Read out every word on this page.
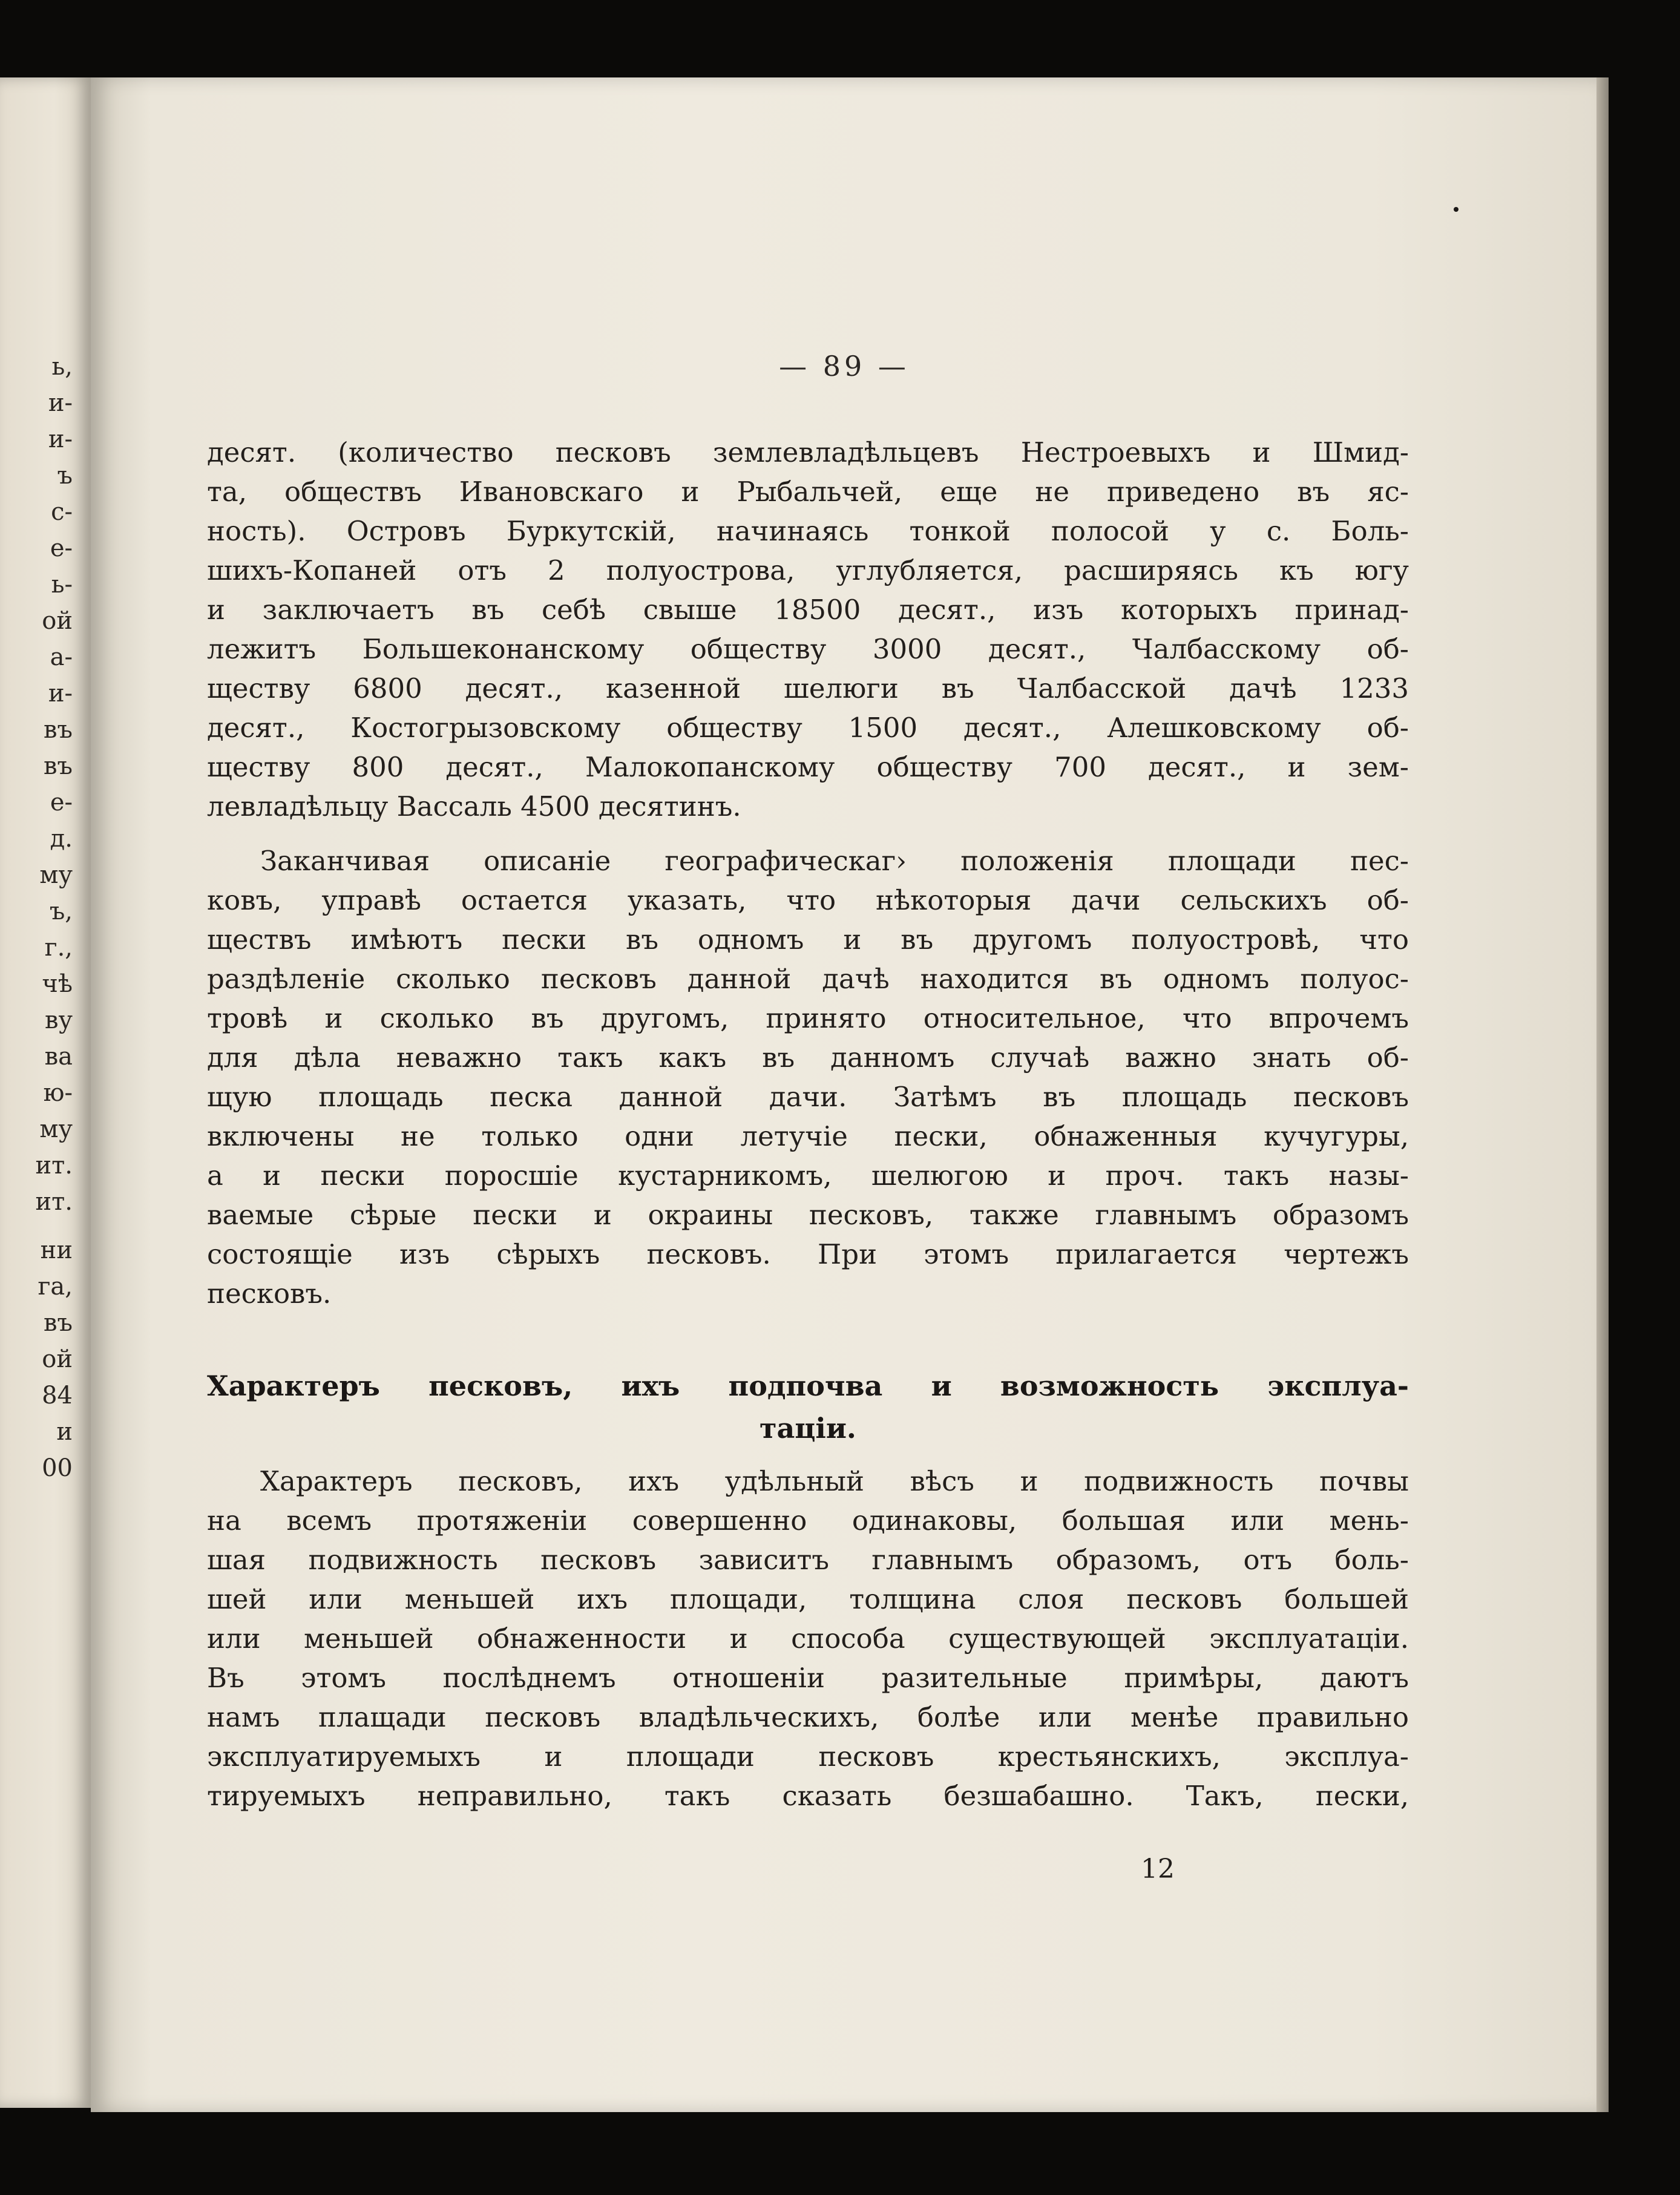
ь,
и-
и-
ъ
с-
е-
ь-
ой
а-
и-
въ
въ
е-
д.
му
ъ,
г.,
чѣ
ву
ва
ю-
му
ит.
ит.
ни
га,
въ
ой
84
и
00
— 89 —
десят. (количество песковъ землевладѣльцевъ Нестроевыхъ и Шмид-
та, обществъ Ивановскаго и Рыбальчей, еще не приведено въ яс-
ность). Островъ Буркутскій, начинаясь тонкой полосой у с. Боль-
шихъ-Копаней отъ 2 полуострова, углубляется, расширяясь къ югу
и заключаетъ въ себѣ свыше 18500 десят., изъ которыхъ принад-
лежитъ Большеконанскому обществу 3000 десят., Чалбасскому об-
ществу 6800 десят., казенной шелюги въ Чалбасской дачѣ 1233
десят., Костогрызовскому обществу 1500 десят., Алешковскому об-
ществу 800 десят., Малокопанскому обществу 700 десят., и зем-
левладѣльцу Вассаль 4500 десятинъ.
Заканчивая описаніе географическаг› положенія площади пес-
ковъ, управѣ остается указать, что нѣкоторыя дачи сельскихъ об-
ществъ имѣютъ пески въ одномъ и въ другомъ полуостровѣ, что
раздѣленіе сколько песковъ данной дачѣ находится въ одномъ полуос-
тровѣ и сколько въ другомъ, принято относительное, что впрочемъ
для дѣла неважно такъ какъ въ данномъ случаѣ важно знать об-
щую площадь песка данной дачи. Затѣмъ въ площадь песковъ
включены не только одни летучіе пески, обнаженныя кучугуры,
а и пески поросшіе кустарникомъ, шелюгою и проч. такъ назы-
ваемые сѣрые пески и окраины песковъ, также главнымъ образомъ
состоящіе изъ сѣрыхъ песковъ. При этомъ прилагается чертежъ
песковъ.
Характеръ песковъ, ихъ подпочва и возможность эксплуа-
таціи.
Характеръ песковъ, ихъ удѣльный вѣсъ и подвижность почвы
на всемъ протяженіи совершенно одинаковы, большая или мень-
шая подвижность песковъ зависитъ главнымъ образомъ, отъ боль-
шей или меньшей ихъ площади, толщина слоя песковъ большей
или меньшей обнаженности и способа существующей эксплуатаціи.
Въ этомъ послѣднемъ отношеніи разительные примѣры, даютъ
намъ плащади песковъ владѣльческихъ, болѣе или менѣе правильно
эксплуатируемыхъ и площади песковъ крестьянскихъ, эксплуа-
тируемыхъ неправильно, такъ сказать безшабашно. Такъ, пески,
12
